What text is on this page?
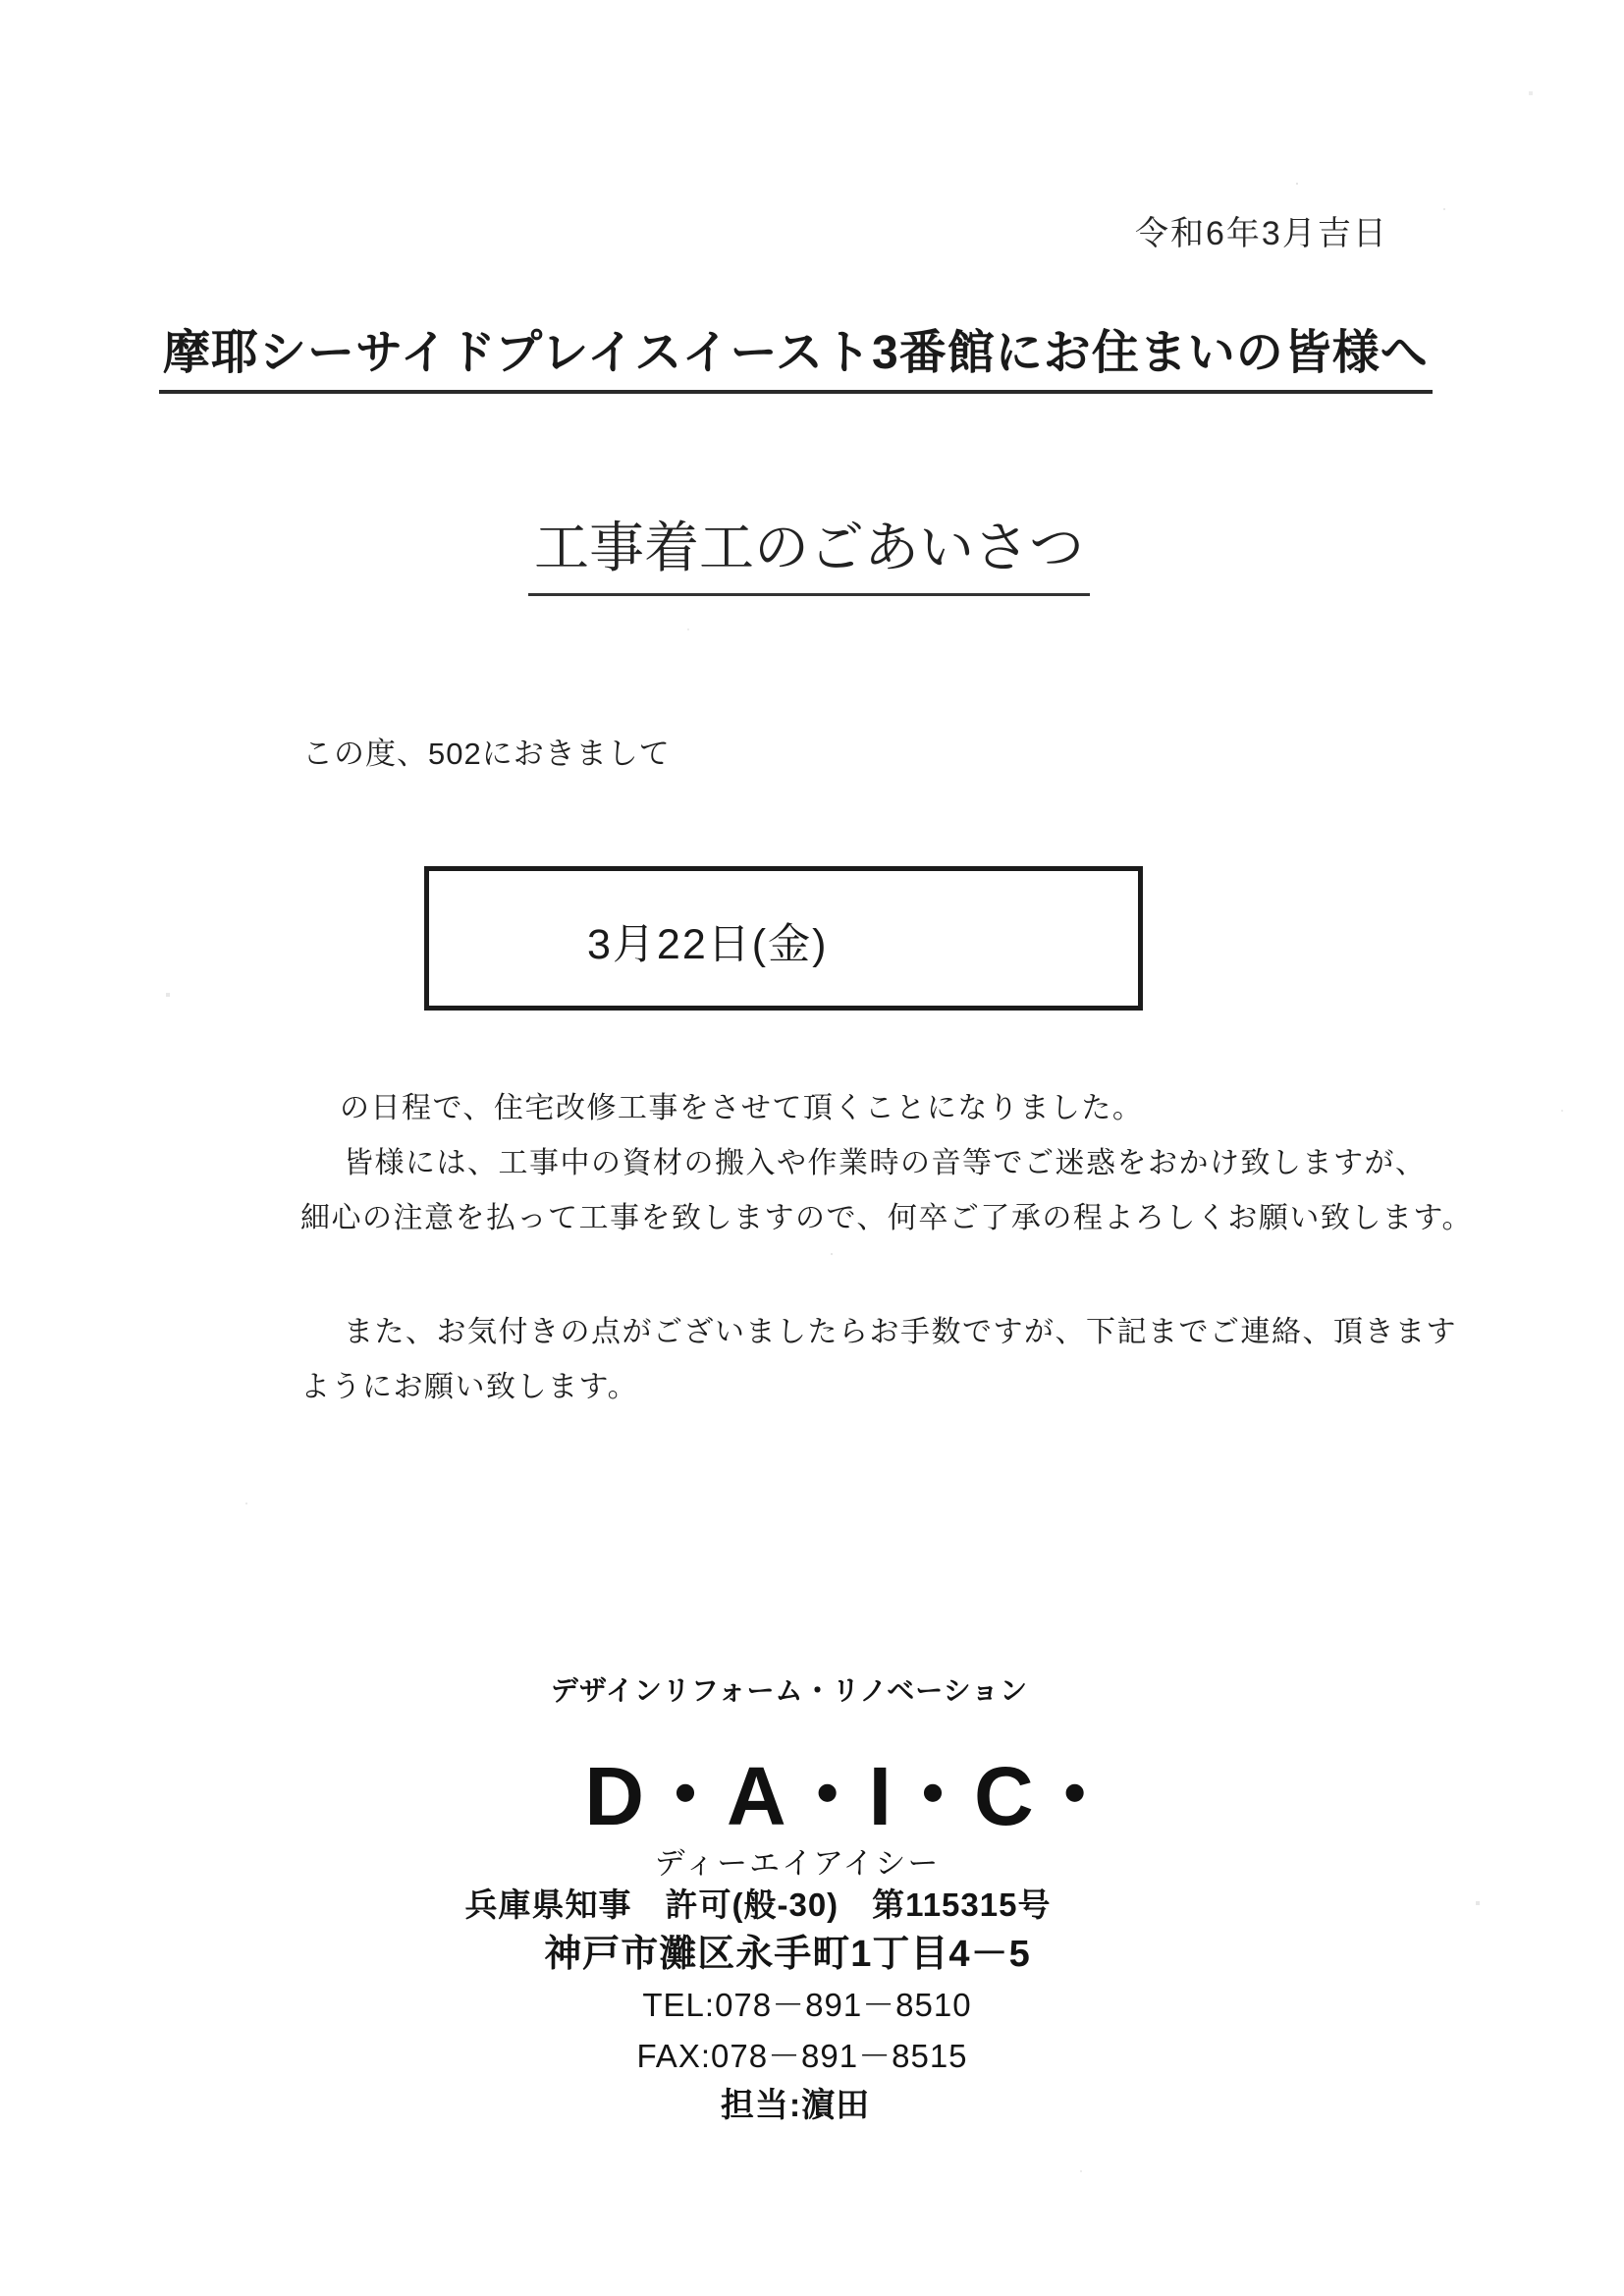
令和6年3月吉日
摩耶シーサイドプレイスイースト3番館にお住まいの皆様へ
工事着工のごあいさつ
この度、502におきまして
3月22日(金)
の日程で、住宅改修工事をさせて頂くことになりました。
皆様には、工事中の資材の搬入や作業時の音等でご迷惑をおかけ致しますが、
細心の注意を払って工事を致しますので、何卒ご了承の程よろしくお願い致します。
また、お気付きの点がございましたらお手数ですが、下記までご連絡、頂きます
ようにお願い致します。
デザインリフォーム・リノベーション
D・A・I・C・
ディーエイアイシー
兵庫県知事　許可(般-30)　第115315号
神戸市灘区永手町1丁目4－5
TEL:078－891－8510
FAX:078－891－8515
担当:濵田
